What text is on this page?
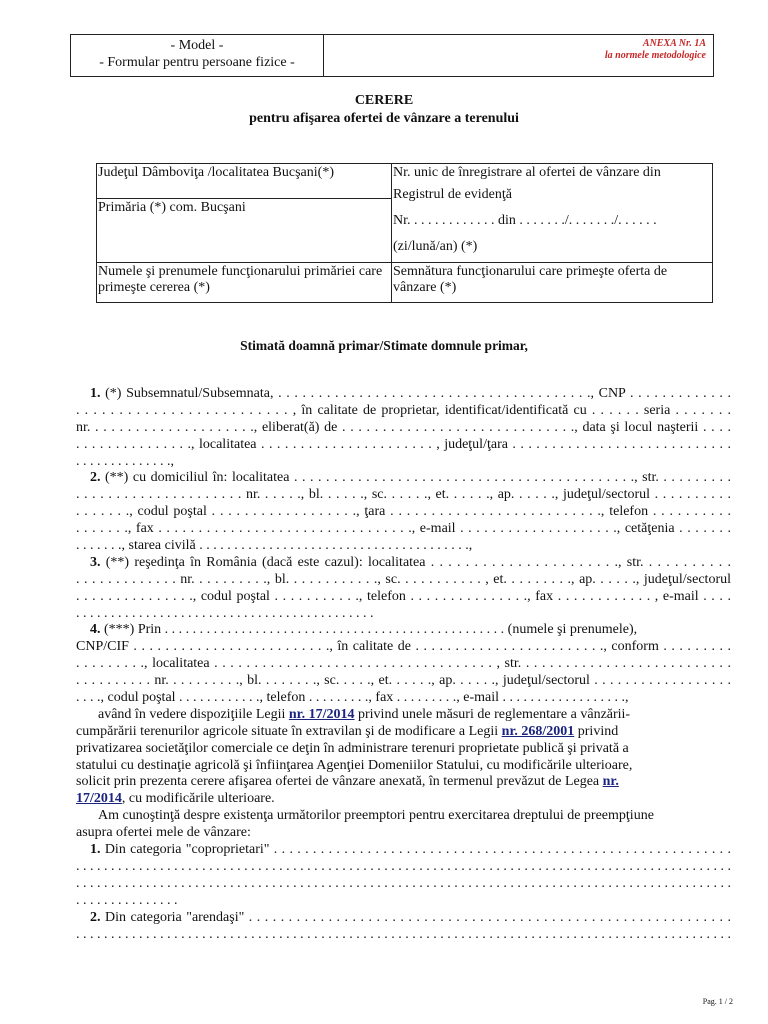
- Model -
- Formular pentru persoane fizice -
ANEXA Nr. 1A
la normele metodologice
CERERE
pentru afişarea ofertei de vânzare a terenului
Judeţul Dâmboviţa /localitatea Bucşani(*)	Nr. unic de înregistrare al ofertei de vânzare din
Registrul de evidenţă
Nr. . . . . . . . . . . . . din . . . . . . ./. . . . . . ./. . . . . .
(zi/lună/an) (*)

Primăria (*) com. Bucşani	
Numele şi prenumele funcţionarului primăriei care primeşte cererea (*)	Semnătura funcţionarului care primeşte oferta de vânzare (*)
Stimată doamnă primar/Stimate domnule primar,
1. (*) Subsemnatul/Subsemnata, . . . . . . . . . . . . . . . . . . . . . . . . . . . . . . . . . . . . . . ., CNP . . . . . . . . . . . . .
. . . . . . . . . . . . . . . . . . . . . . . . . , în calitate de proprietar, identificat/identificată cu . . . . . . seria . . . . . . .
nr. . . . . . . . . . . . . . . . . . . . ., eliberat(ă) de . . . . . . . . . . . . . . . . . . . . . . . . . . . . ., data şi locul naşterii . . . .
. . . . . . . . . . . . . . ., localitatea . . . . . . . . . . . . . . . . . . . . . . , judeţul/ţara . . . . . . . . . . . . . . . . . . . . . . . . . . . .
. . . . . . . . . . . . . .,
2. (**) cu domiciliul în: localitatea . . . . . . . . . . . . . . . . . . . . . . . . . . . . . . . . . . . . . . . . . . ., str. . . . . . . . . .
. . . . . . . . . . . . . . . . . . . . . nr. . . . . ., bl. . . . . ., sc. . . . . ., et. . . . . ., ap. . . . . ., judeţul/sectorul . . . . . . . . . .
. . . . . . ., codul poştal . . . . . . . . . . . . . . . . . ., ţara . . . . . . . . . . . . . . . . . . . . . . . . . ., telefon . . . . . . . . . .
. . . . . . ., fax . . . . . . . . . . . . . . . . . . . . . . . . . . . . . . . ., e-mail . . . . . . . . . . . . . . . . . . . ., cetăţenia . . . . . . .
. . . . . . ., starea civilă . . . . . . . . . . . . . . . . . . . . . . . . . . . . . . . . . . . . . . .,
3. (**) reşedinţa în România (dacă este cazul): localitatea . . . . . . . . . . . . . . . . . . . . . ., str. . . . . . . . . . .
. . . . . . . . . . . . . nr. . . . . . . . . ., bl. . . . . . . . . . . ., sc. . . . . . . . . . . , et. . . . . . . . ., ap. . . . . ., judeţul/sectorul
. . . . . . . . . . . . . . ., codul poştal . . . . . . . . . . ., telefon . . . . . . . . . . . . . . ., fax . . . . . . . . . . . . , e-mail . . . .
. . . . . . . . . . . . . . . . . . . . . . . . . . . . . . . . . . . . . . . . . . .
4. (***) Prin . . . . . . . . . . . . . . . . . . . . . . . . . . . . . . . . . . . . . . . . . . . . . . . . . (numele şi prenumele),
CNP/CIF . . . . . . . . . . . . . . . . . . . . . . . . ., în calitate de . . . . . . . . . . . . . . . . . . . . . . . ., conform . . . . . . . . .
. . . . . . . . ., localitatea . . . . . . . . . . . . . . . . . . . . . . . . . . . . . . . . . . . , str. . . . . . . . . . . . . . . . . . . . . . . . . . .
. . . . . . . . . . nr. . . . . . . . . ., bl. . . . . . . ., sc. . . . ., et. . . . . ., ap. . . . . ., judeţul/sectorul . . . . . . . . . . . . . . . . . .
. . . ., codul poştal . . . . . . . . . . . ., telefon . . . . . . . . ., fax . . . . . . . . ., e-mail . . . . . . . . . . . . . . . . . .,
având în vedere dispoziţiile Legii nr. 17/2014 privind unele măsuri de reglementare a vânzării-
cumpărării terenurilor agricole situate în extravilan şi de modificare a Legii nr. 268/2001 privind
privatizarea societăţilor comerciale ce deţin în administrare terenuri proprietate publică şi privată a
statului cu destinaţie agricolă şi înfiinţarea Agenţiei Domeniilor Statului, cu modificările ulterioare,
solicit prin prezenta cerere afişarea ofertei de vânzare anexată, în termenul prevăzut de Legea nr.
17/2014, cu modificările ulterioare.
Am cunoştinţă despre existenţa următorilor preemptori pentru exercitarea dreptului de preempţiune
asupra ofertei mele de vânzare:
1. Din categoria "coproprietari" . . . . . . . . . . . . . . . . . . . . . . . . . . . . . . . . . . . . . . . . . . . . . . . . . . . . . . . . . . .
. . . . . . . . . . . . . . . . . . . . . . . . . . . . . . . . . . . . . . . . . . . . . . . . . . . . . . . . . . . . . . . . . . . . . . . . . . . . . . . . . . . . . . . . . . . . . .
. . . . . . . . . . . . . . . . . . . . . . . . . . . . . . . . . . . . . . . . . . . . . . . . . . . . . . . . . . . . . . . . . . . . . . . . . . . . . . . . . . . . . . . . . . . . . .
. . . . . . . . . . . . . . .
2. Din categoria "arendaşi" . . . . . . . . . . . . . . . . . . . . . . . . . . . . . . . . . . . . . . . . . . . . . . . . . . . . . . . . . . . . .
. . . . . . . . . . . . . . . . . . . . . . . . . . . . . . . . . . . . . . . . . . . . . . . . . . . . . . . . . . . . . . . . . . . . . . . . . . . . . . . . . . . . . . . . . . . . . .
Pag. 1 / 2
